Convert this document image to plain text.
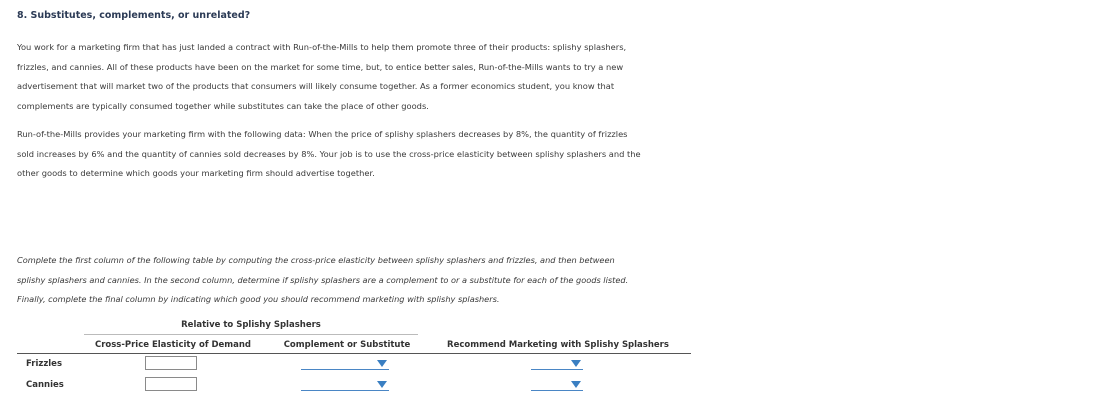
8. Substitutes, complements, or unrelated?
You work for a marketing firm that has just landed a contract with Run-of-the-Mills to help them promote three of their products: splishy splashers,
frizzles, and cannies. All of these products have been on the market for some time, but, to entice better sales, Run-of-the-Mills wants to try a new
advertisement that will market two of the products that consumers will likely consume together. As a former economics student, you know that
complements are typically consumed together while substitutes can take the place of other goods.
Run-of-the-Mills provides your marketing firm with the following data: When the price of splishy splashers decreases by 8%, the quantity of frizzles
sold increases by 6% and the quantity of cannies sold decreases by 8%. Your job is to use the cross-price elasticity between splishy splashers and the
other goods to determine which goods your marketing firm should advertise together.
Complete the first column of the following table by computing the cross-price elasticity between splishy splashers and frizzles, and then between
splishy splashers and cannies. In the second column, determine if splishy splashers are a complement to or a substitute for each of the goods listed.
Finally, complete the final column by indicating which good you should recommend marketing with splishy splashers.
Relative to Splishy Splashers
Cross-Price Elasticity of Demand	Complement or Substitute	Recommend Marketing with Splishy Splashers
Frizzles
Cannies
